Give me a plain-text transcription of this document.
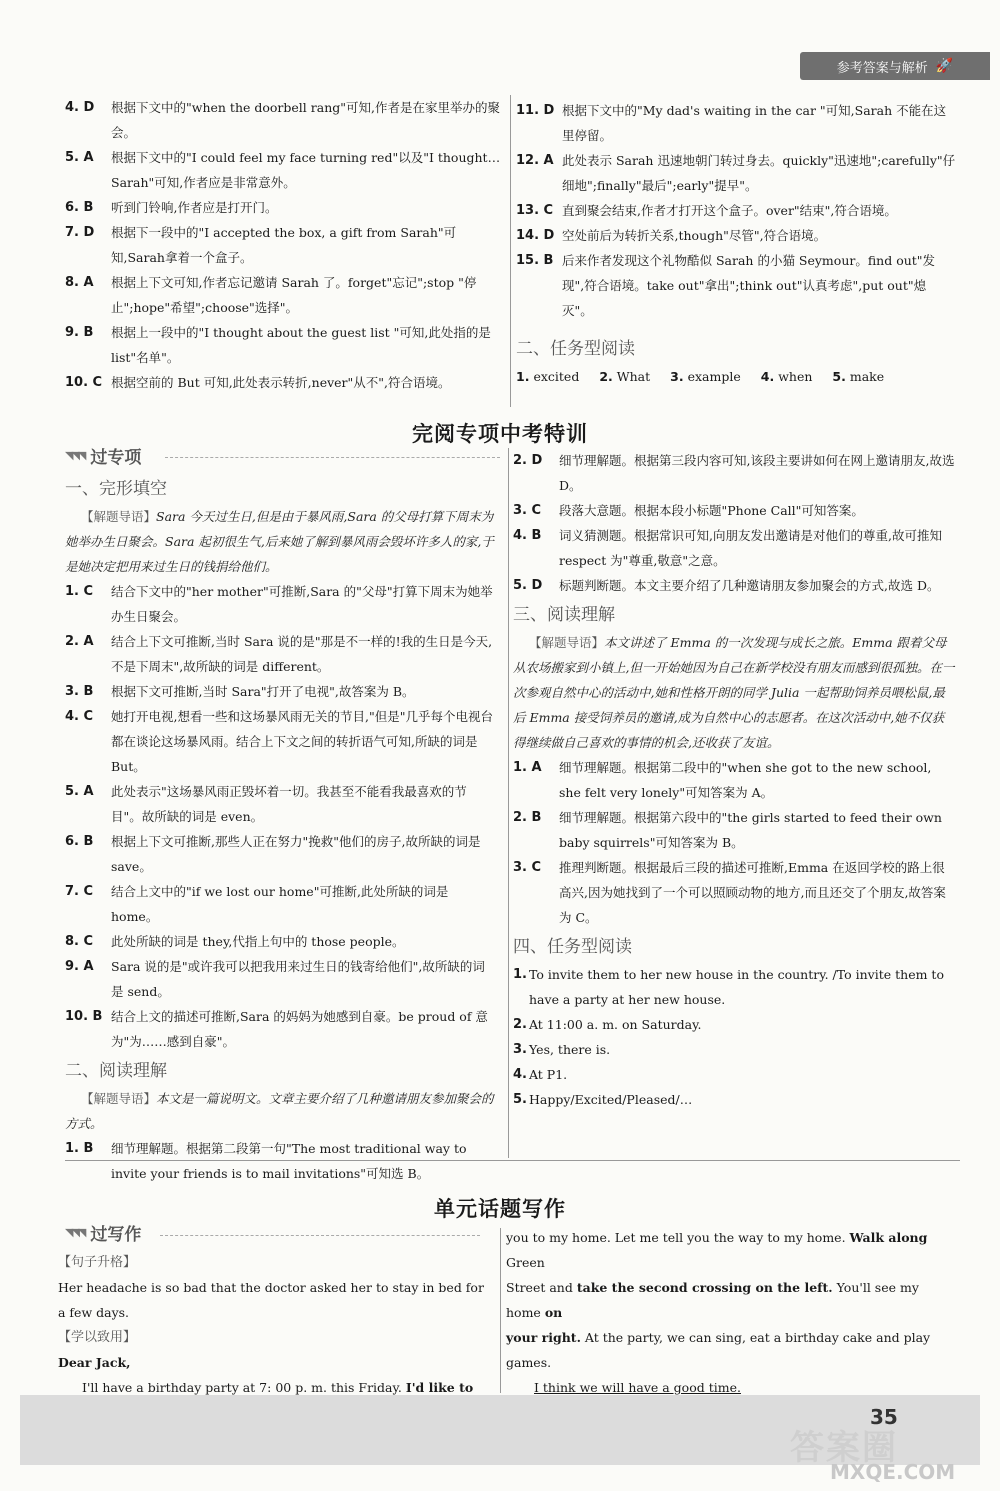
参考答案与解析 🚀
4. D 根据下文中的"when the doorbell rang"可知,作者是在家里举办的聚会。
5. A 根据下文中的"I could feel my face turning red"以及"I thought…Sarah"可知,作者应是非常意外。
6. B 听到门铃响,作者应是打开门。
7. D 根据下一段中的"I accepted the box, a gift from Sarah"可知,Sarah拿着一个盒子。
8. A 根据上下文可知,作者忘记邀请 Sarah 了。forget"忘记";stop "停止";hope"希望";choose"选择"。
9. B 根据上一段中的"I thought about the guest list "可知,此处指的是list"名单"。
10. C 根据空前的 But 可知,此处表示转折,never"从不",符合语境。
11. D 根据下文中的"My dad's waiting in the car "可知,Sarah 不能在这里停留。
12. A 此处表示 Sarah 迅速地朝门转过身去。quickly"迅速地";carefully"仔细地";finally"最后";early"提早"。
13. C 直到聚会结束,作者才打开这个盒子。over"结束",符合语境。
14. D 空处前后为转折关系,though"尽管",符合语境。
15. B 后来作者发现这个礼物酷似 Sarah 的小猫 Seymour。find out"发现",符合语境。take out"拿出";think out"认真考虑",put out"熄灭"。
二、任务型阅读
1. excited 2. What 3. example 4. when 5. make
完阅专项中考特训
◥◥◥ 过专项
一、完形填空
【解题导语】Sara 今天过生日,但是由于暴风雨,Sara 的父母打算下周末为她举办生日聚会。Sara 起初很生气,后来她了解到暴风雨会毁坏许多人的家,于是她决定把用来过生日的钱捐给他们。
1. C 结合下文中的"her mother"可推断,Sara 的"父母"打算下周末为她举办生日聚会。
2. A 结合上下文可推断,当时 Sara 说的是"那是不一样的!我的生日是今天,不是下周末",故所缺的词是 different。
3. B 根据下文可推断,当时 Sara"打开了电视",故答案为 B。
4. C 她打开电视,想看一些和这场暴风雨无关的节目,"但是"几乎每个电视台都在谈论这场暴风雨。结合上下文之间的转折语气可知,所缺的词是 But。
5. A 此处表示"这场暴风雨正毁坏着一切。我甚至不能看我最喜欢的节目"。故所缺的词是 even。
6. B 根据上下文可推断,那些人正在努力"挽救"他们的房子,故所缺的词是 save。
7. C 结合上文中的"if we lost our home"可推断,此处所缺的词是 home。
8. C 此处所缺的词是 they,代指上句中的 those people。
9. A Sara 说的是"或许我可以把我用来过生日的钱寄给他们",故所缺的词是 send。
10. B 结合上文的描述可推断,Sara 的妈妈为她感到自豪。be proud of 意为"为……感到自豪"。
二、阅读理解
【解题导语】本文是一篇说明文。文章主要介绍了几种邀请朋友参加聚会的方式。
1. B 细节理解题。根据第二段第一句"The most traditional way to invite your friends is to mail invitations"可知选 B。
2. D 细节理解题。根据第三段内容可知,该段主要讲如何在网上邀请朋友,故选 D。
3. C 段落大意题。根据本段小标题"Phone Call"可知答案。
4. B 词义猜测题。根据常识可知,向朋友发出邀请是对他们的尊重,故可推知 respect 为"尊重,敬意"之意。
5. D 标题判断题。本文主要介绍了几种邀请朋友参加聚会的方式,故选 D。
三、阅读理解
【解题导语】本文讲述了 Emma 的一次发现与成长之旅。Emma 跟着父母从农场搬家到小镇上,但一开始她因为自己在新学校没有朋友而感到很孤独。在一次参观自然中心的活动中,她和性格开朗的同学 Julia 一起帮助饲养员喂松鼠,最后 Emma 接受饲养员的邀请,成为自然中心的志愿者。在这次活动中,她不仅获得继续做自己喜欢的事情的机会,还收获了友谊。
1. A 细节理解题。根据第二段中的"when she got to the new school, she felt very lonely"可知答案为 A。
2. B 细节理解题。根据第六段中的"the girls started to feed their own baby squirrels"可知答案为 B。
3. C 推理判断题。根据最后三段的描述可推断,Emma 在返回学校的路上很高兴,因为她找到了一个可以照顾动物的地方,而且还交了个朋友,故答案为 C。
四、任务型阅读
1. To invite them to her new house in the country. /To invite them to have a party at her new house.
2. At 11:00 a. m. on Saturday.
3. Yes, there is.
4. At P1.
5. Happy/Excited/Pleased/…
单元话题写作
◥◥◥ 过写作
【句子升格】

Her headache is so bad that the doctor asked her to stay in bed for a few days.

【学以致用】

Dear Jack,

I'll have a birthday party at 7: 00 p. m. this Friday. I'd like to

you to my home. Let me tell you the way to my home. Walk along Green

Street and take the second crossing on the left. You'll see my home on

your right. At the party, we can sing, eat a birthday cake and play games.

I think we will have a good time.

35
答案圈
MXQE.COM
